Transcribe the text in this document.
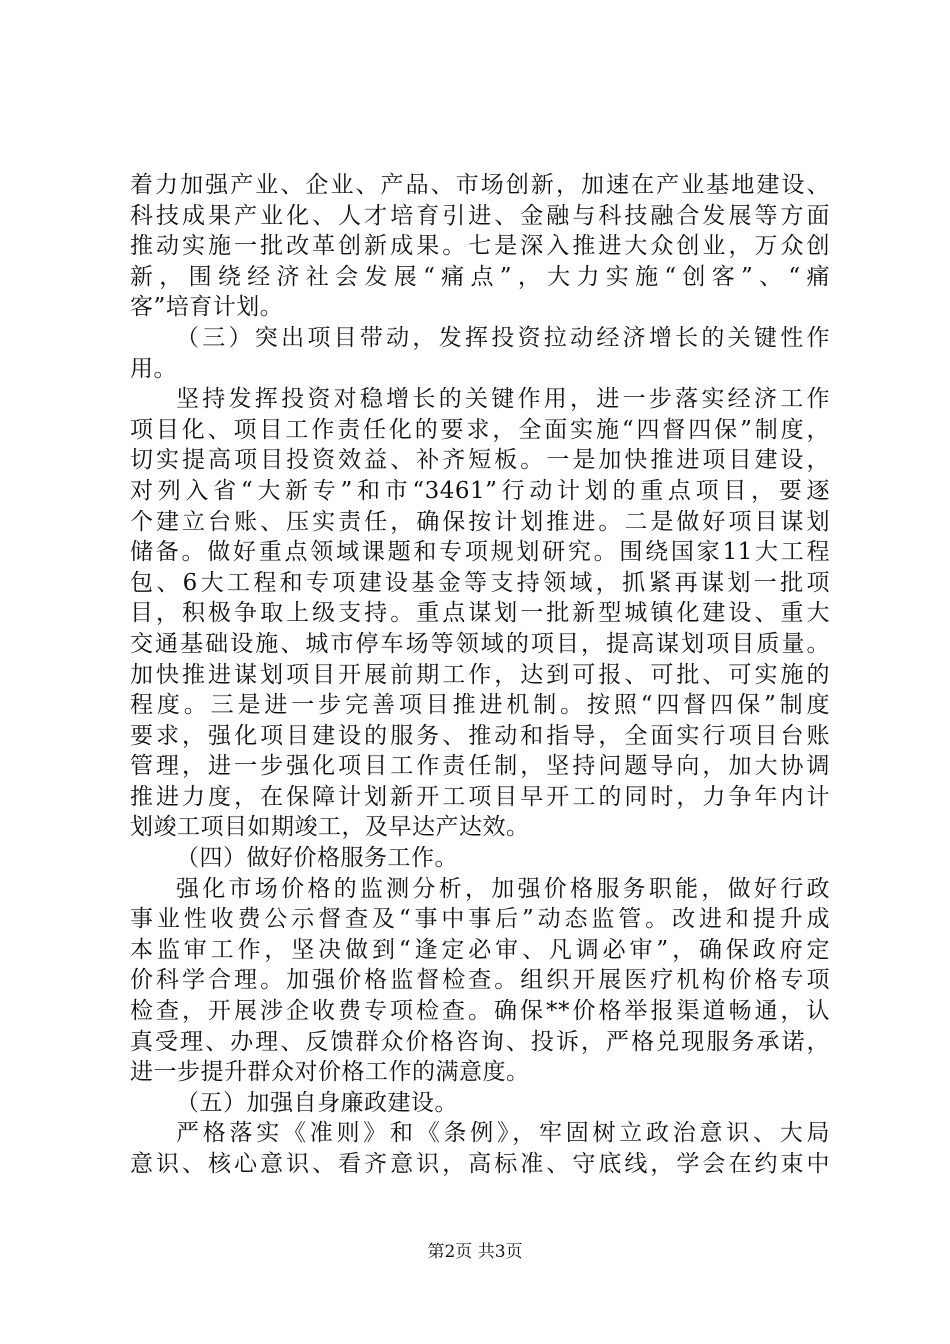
着力加强产业、企业、产品、市场创新，加速在产业基地建设、
科技成果产业化、人才培育引进、金融与科技融合发展等方面
推动实施一批改革创新成果。七是深入推进大众创业，万众创
新，围绕经济社会发展“痛点”，大力实施“创客”、“痛
客”培育计划。
（三）突出项目带动，发挥投资拉动经济增长的关键性作
用。
坚持发挥投资对稳增长的关键作用，进一步落实经济工作
项目化、项目工作责任化的要求，全面实施“四督四保”制度，
切实提高项目投资效益、补齐短板。一是加快推进项目建设，
对列入省“大新专”和市“3461”行动计划的重点项目，要逐
个建立台账、压实责任，确保按计划推进。二是做好项目谋划
储备。做好重点领域课题和专项规划研究。围绕国家11大工程
包、6大工程和专项建设基金等支持领域，抓紧再谋划一批项
目，积极争取上级支持。重点谋划一批新型城镇化建设、重大
交通基础设施、城市停车场等领域的项目，提高谋划项目质量。
加快推进谋划项目开展前期工作，达到可报、可批、可实施的
程度。三是进一步完善项目推进机制。按照“四督四保”制度
要求，强化项目建设的服务、推动和指导，全面实行项目台账
管理，进一步强化项目工作责任制，坚持问题导向，加大协调
推进力度，在保障计划新开工项目早开工的同时，力争年内计
划竣工项目如期竣工，及早达产达效。
（四）做好价格服务工作。
强化市场价格的监测分析，加强价格服务职能，做好行政
事业性收费公示督查及“事中事后”动态监管。改进和提升成
本监审工作，坚决做到“逢定必审、凡调必审”，确保政府定
价科学合理。加强价格监督检查。组织开展医疗机构价格专项
检查，开展涉企收费专项检查。确保**价格举报渠道畅通，认
真受理、办理、反馈群众价格咨询、投诉，严格兑现服务承诺，
进一步提升群众对价格工作的满意度。
（五）加强自身廉政建设。
严格落实《准则》和《条例》，牢固树立政治意识、大局
意识、核心意识、看齐意识，高标准、守底线，学会在约束中
第2页 共3页
